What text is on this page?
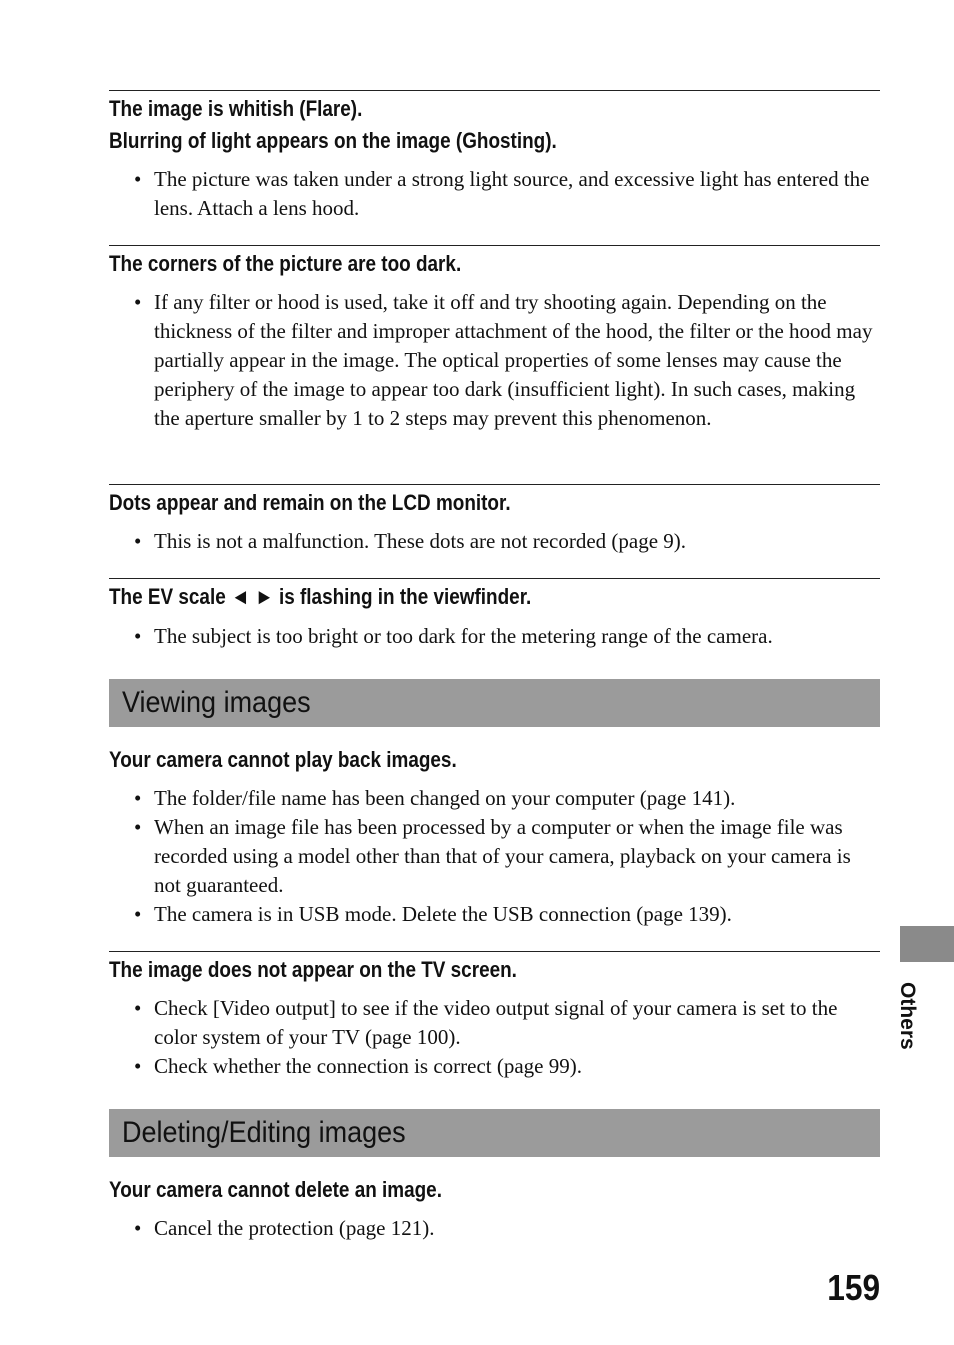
The image is whitish (Flare).
Blurring of light appears on the image (Ghosting).
• The picture was taken under a strong light source, and excessive light has entered the lens. Attach a lens hood.
The corners of the picture are too dark.
• If any filter or hood is used, take it off and try shooting again. Depending on the thickness of the filter and improper attachment of the hood, the filter or the hood may partially appear in the image. The optical properties of some lenses may cause the periphery of the image to appear too dark (insufficient light). In such cases, making the aperture smaller by 1 to 2 steps may prevent this phenomenon.
Dots appear and remain on the LCD monitor.
• This is not a malfunction. These dots are not recorded (page 9).
The EV scale ◄ ► is flashing in the viewfinder.
• The subject is too bright or too dark for the metering range of the camera.
Viewing images
Your camera cannot play back images.
• The folder/file name has been changed on your computer (page 141).
• When an image file has been processed by a computer or when the image file was recorded using a model other than that of your camera, playback on your camera is not guaranteed.
• The camera is in USB mode. Delete the USB connection (page 139).
The image does not appear on the TV screen.
• Check [Video output] to see if the video output signal of your camera is set to the color system of your TV (page 100).
• Check whether the connection is correct (page 99).
Deleting/Editing images
Your camera cannot delete an image.
• Cancel the protection (page 121).
Others
159
